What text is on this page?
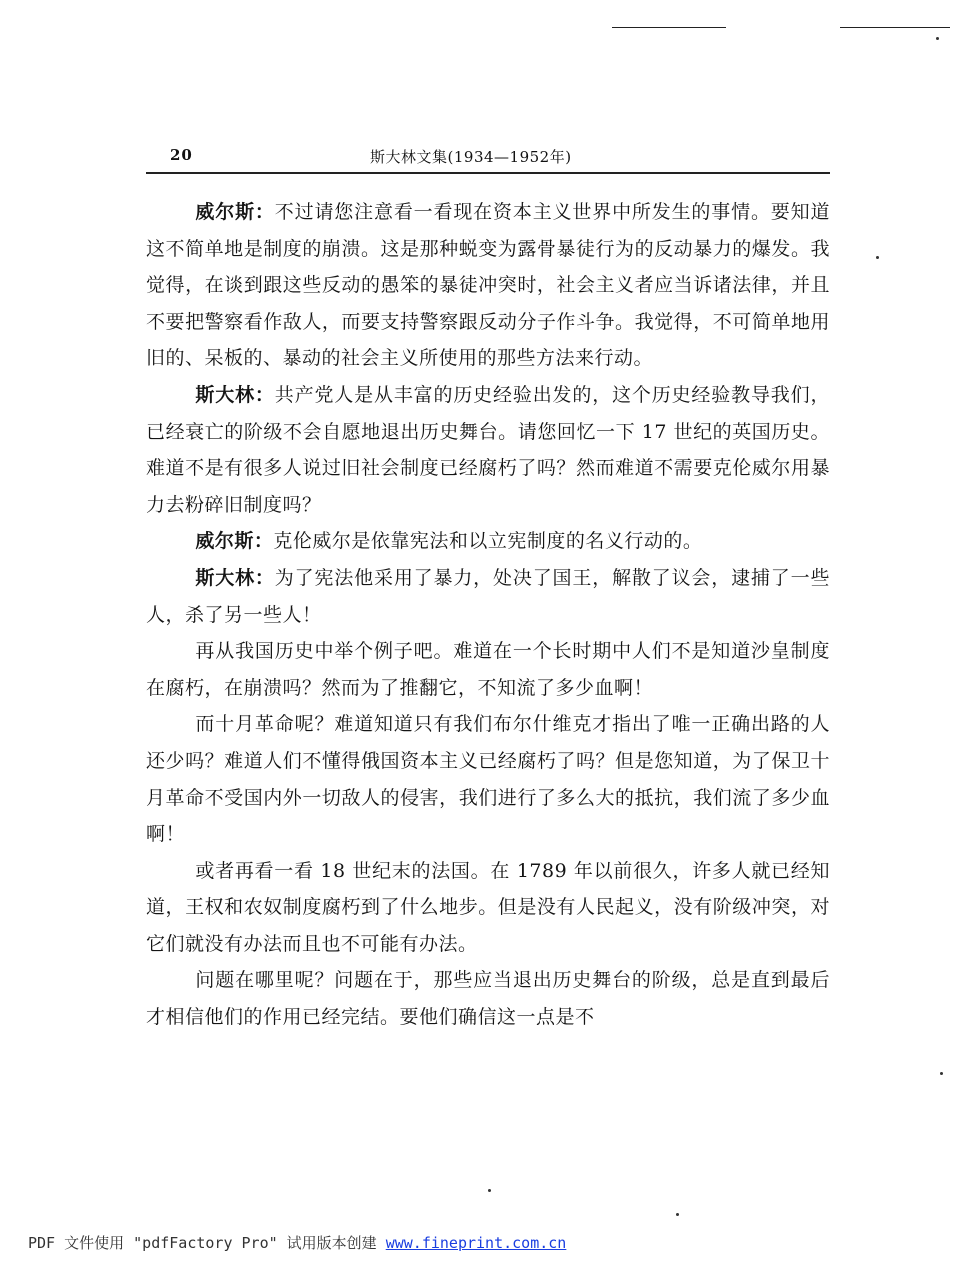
20	斯大林文集(1934—1952年)

威尔斯：不过请您注意看一看现在资本主义世界中所发生的事情。要知道这不简单地是制度的崩溃。这是那种蜕变为露骨暴徒行为的反动暴力的爆发。我觉得，在谈到跟这些反动的愚笨的暴徒冲突时，社会主义者应当诉诸法律，并且不要把警察看作敌人，而要支持警察跟反动分子作斗争。我觉得，不可简单地用旧的、呆板的、暴动的社会主义所使用的那些方法来行动。

斯大林：共产党人是从丰富的历史经验出发的，这个历史经验教导我们，已经衰亡的阶级不会自愿地退出历史舞台。请您回忆一下 17 世纪的英国历史。难道不是有很多人说过旧社会制度已经腐朽了吗？然而难道不需要克伦威尔用暴力去粉碎旧制度吗？

威尔斯：克伦威尔是依靠宪法和以立宪制度的名义行动的。

斯大林：为了宪法他采用了暴力，处决了国王，解散了议会，逮捕了一些人，杀了另一些人！

再从我国历史中举个例子吧。难道在一个长时期中人们不是知道沙皇制度在腐朽，在崩溃吗？然而为了推翻它，不知流了多少血啊！

而十月革命呢？难道知道只有我们布尔什维克才指出了唯一正确出路的人还少吗？难道人们不懂得俄国资本主义已经腐朽了吗？但是您知道，为了保卫十月革命不受国内外一切敌人的侵害，我们进行了多么大的抵抗，我们流了多少血啊！

或者再看一看 18 世纪末的法国。在 1789 年以前很久，许多人就已经知道，王权和农奴制度腐朽到了什么地步。但是没有人民起义，没有阶级冲突，对它们就没有办法而且也不可能有办法。

问题在哪里呢？问题在于，那些应当退出历史舞台的阶级，总是直到最后才相信他们的作用已经完结。要他们确信这一点是不

PDF 文件使用 "pdfFactory Pro" 试用版本创建 www.fineprint.com.cn
